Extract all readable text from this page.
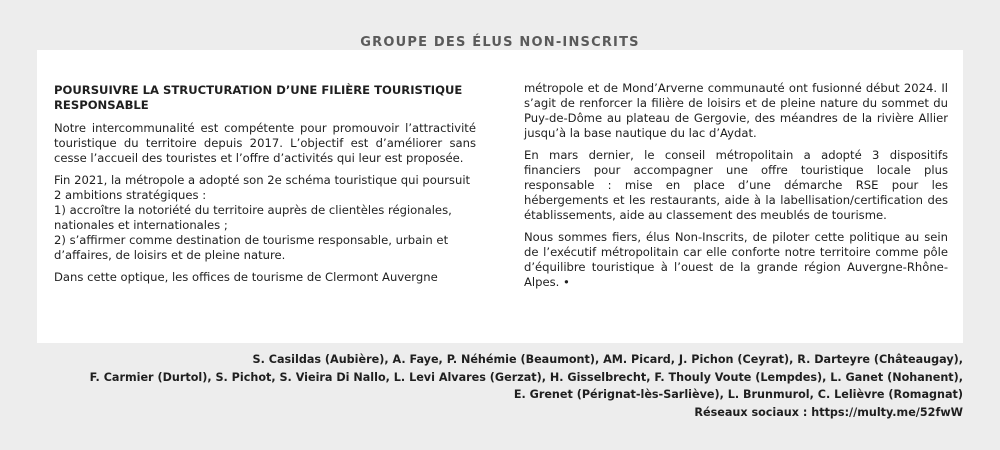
GROUPE DES ÉLUS NON-INSCRITS
POURSUIVRE LA STRUCTURATION D’UNE FILIÈRE TOURISTIQUE RESPONSABLE

Notre intercommunalité est compétente pour promouvoir l’attractivité touristique du territoire depuis 2017. L’objectif est d’améliorer sans cesse l’accueil des touristes et l’offre d’activités qui leur est proposée.

Fin 2021, la métropole a adopté son 2e schéma touristique qui poursuit 2 ambitions stratégiques :
1) accroître la notoriété du territoire auprès de clientèles régionales, nationales et internationales ;
2) s’affirmer comme destination de tourisme responsable, urbain et d’affaires, de loisirs et de pleine nature.

Dans cette optique, les offices de tourisme de Clermont Auvergne

métropole et de Mond’Arverne communauté ont fusionné début 2024. Il s’agit de renforcer la filière de loisirs et de pleine nature du sommet du Puy-de-Dôme au plateau de Gergovie, des méandres de la rivière Allier jusqu’à la base nautique du lac d’Aydat.

En mars dernier, le conseil métropolitain a adopté 3 dispositifs financiers pour accompagner une offre touristique locale plus responsable : mise en place d’une démarche RSE pour les hébergements et les restaurants, aide à la labellisation/certification des établissements, aide au classement des meublés de tourisme.

Nous sommes fiers, élus Non-Inscrits, de piloter cette politique au sein de l’exécutif métropolitain car elle conforte notre territoire comme pôle d’équilibre touristique à l’ouest de la grande région Auvergne-Rhône-Alpes. •

S. Casildas (Aubière), A. Faye, P. Néhémie (Beaumont), AM. Picard, J. Pichon (Ceyrat), R. Darteyre (Châteaugay),
F. Carmier (Durtol), S. Pichot, S. Vieira Di Nallo, L. Levi Alvares (Gerzat), H. Gisselbrecht, F. Thouly Voute (Lempdes), L. Ganet (Nohanent),
E. Grenet (Pérignat-lès-Sarliève), L. Brunmurol, C. Lelièvre (Romagnat)
Réseaux sociaux : https://multy.me/52fwW
